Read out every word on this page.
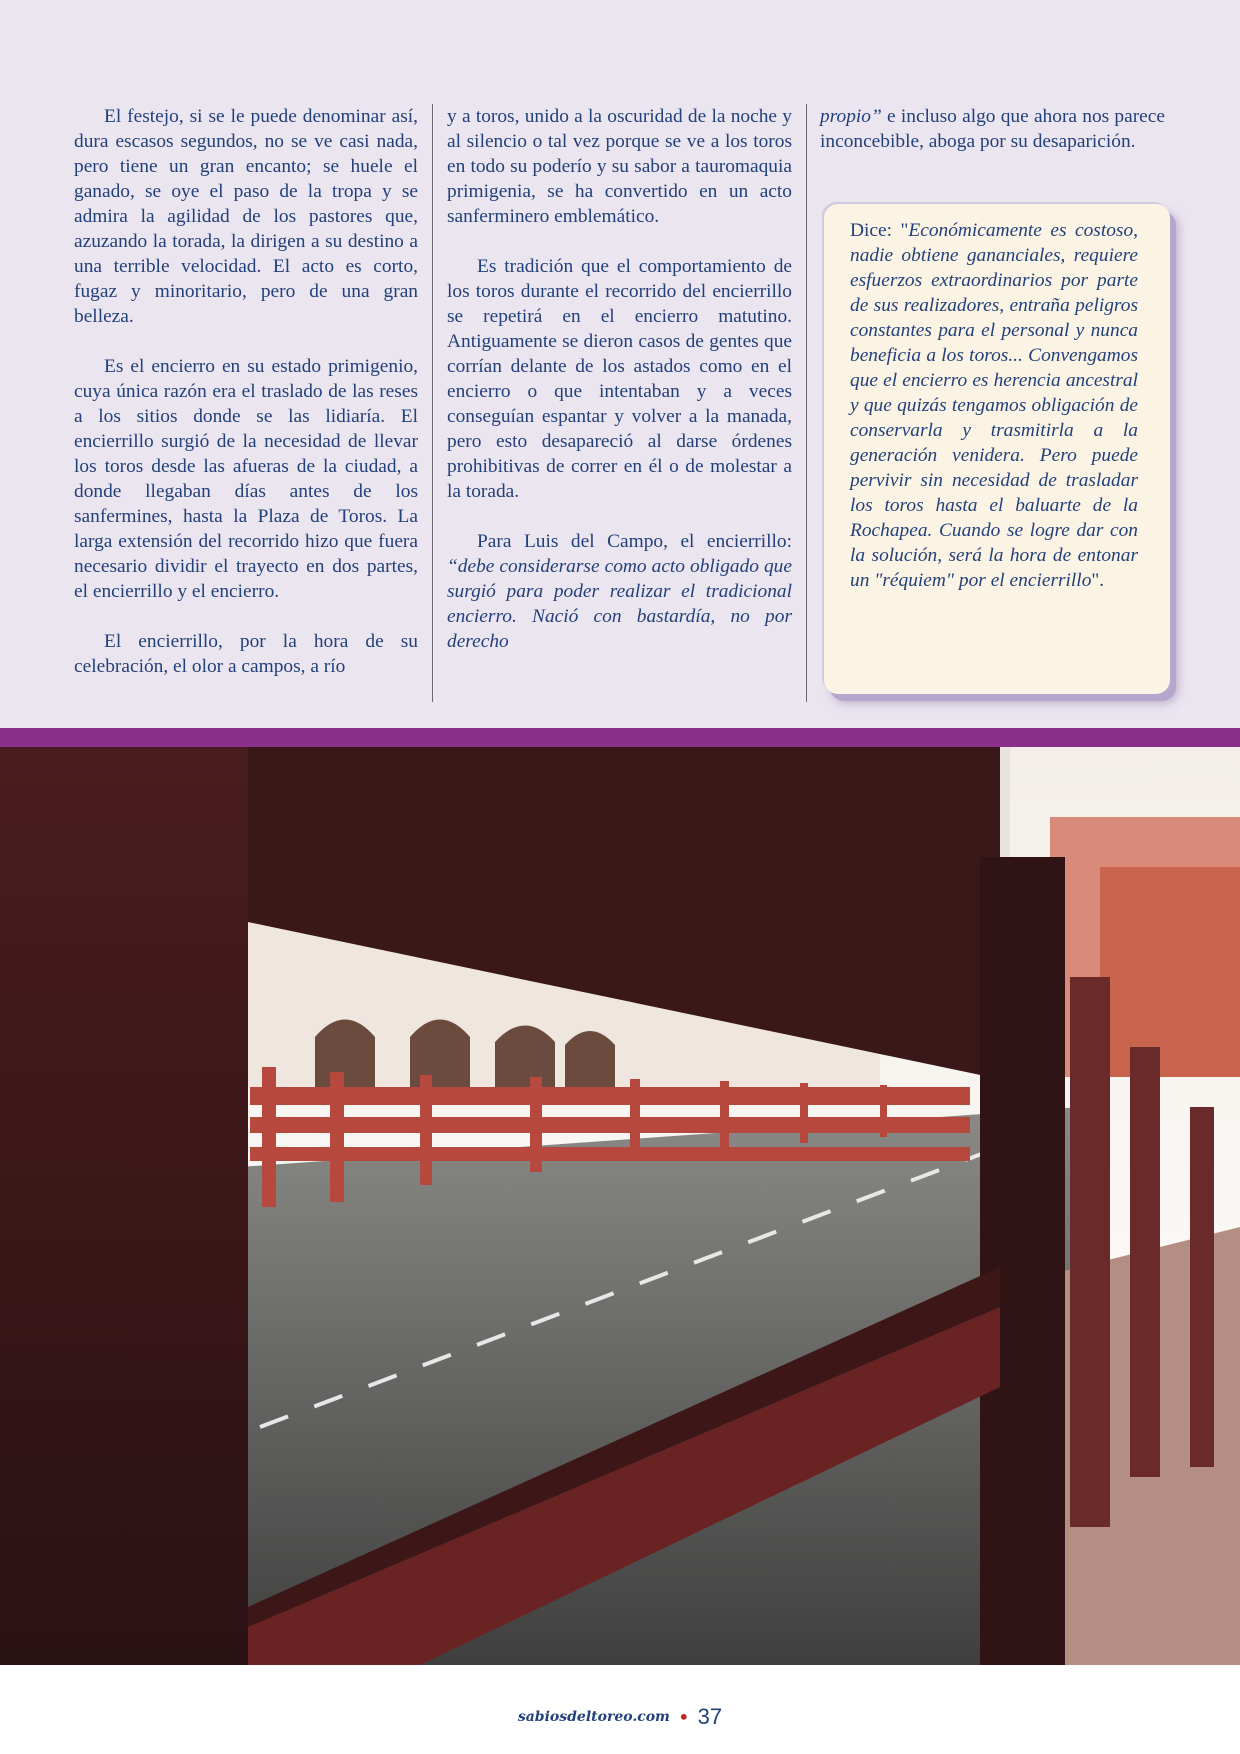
El festejo, si se le puede denominar así, dura escasos segundos, no se ve casi nada, pero tiene un gran encanto; se huele el ganado, se oye el paso de la tropa y se admira la agilidad de los pastores que, azuzando la torada, la dirigen a su destino a una terrible velocidad. El acto es corto, fugaz y minoritario, pero de una gran belleza.

Es el encierro en su estado primigenio, cuya única razón era el traslado de las reses a los sitios donde se las lidiaría. El encierrillo surgió de la necesidad de llevar los toros desde las afueras de la ciudad, a donde llegaban días antes de los sanfermines, hasta la Plaza de Toros. La larga extensión del recorrido hizo que fuera necesario dividir el trayecto en dos partes, el encierrillo y el encierro.

El encierrillo, por la hora de su celebración, el olor a campos, a río

y a toros, unido a la oscuridad de la noche y al silencio o tal vez porque se ve a los toros en todo su poderío y su sabor a tauromaquia primigenia, se ha convertido en un acto sanferminero emblemático.

Es tradición que el comportamiento de los toros durante el recorrido del encierrillo se repetirá en el encierro matutino. Antiguamente se dieron casos de gentes que corrían delante de los astados como en el encierro o que intentaban y a veces conseguían espantar y volver a la manada, pero esto desapareció al darse órdenes prohibitivas de correr en él o de molestar a la torada.

Para Luis del Campo, el encierrillo: “debe considerarse como acto obligado que surgió para poder realizar el tradicional encierro. Nació con bastardía, no por derecho

propio” e incluso algo que ahora nos parece inconcebible, aboga por su desaparición.

Dice: "Económicamente es costoso, nadie obtiene gananciales, requiere esfuerzos extraordinarios por parte de sus realizadores, entraña peligros constantes para el personal y nunca beneficia a los toros... Convengamos que el encierro es herencia ancestral y que quizás tengamos obligación de conservarla y trasmitirla a la generación venidera. Pero puede pervivir sin necesidad de trasladar los toros hasta el baluarte de la Rochapea. Cuando se logre dar con la solución, será la hora de entonar un "réquiem" por el encierrillo".
sabiosdeltoreo.com • 37
